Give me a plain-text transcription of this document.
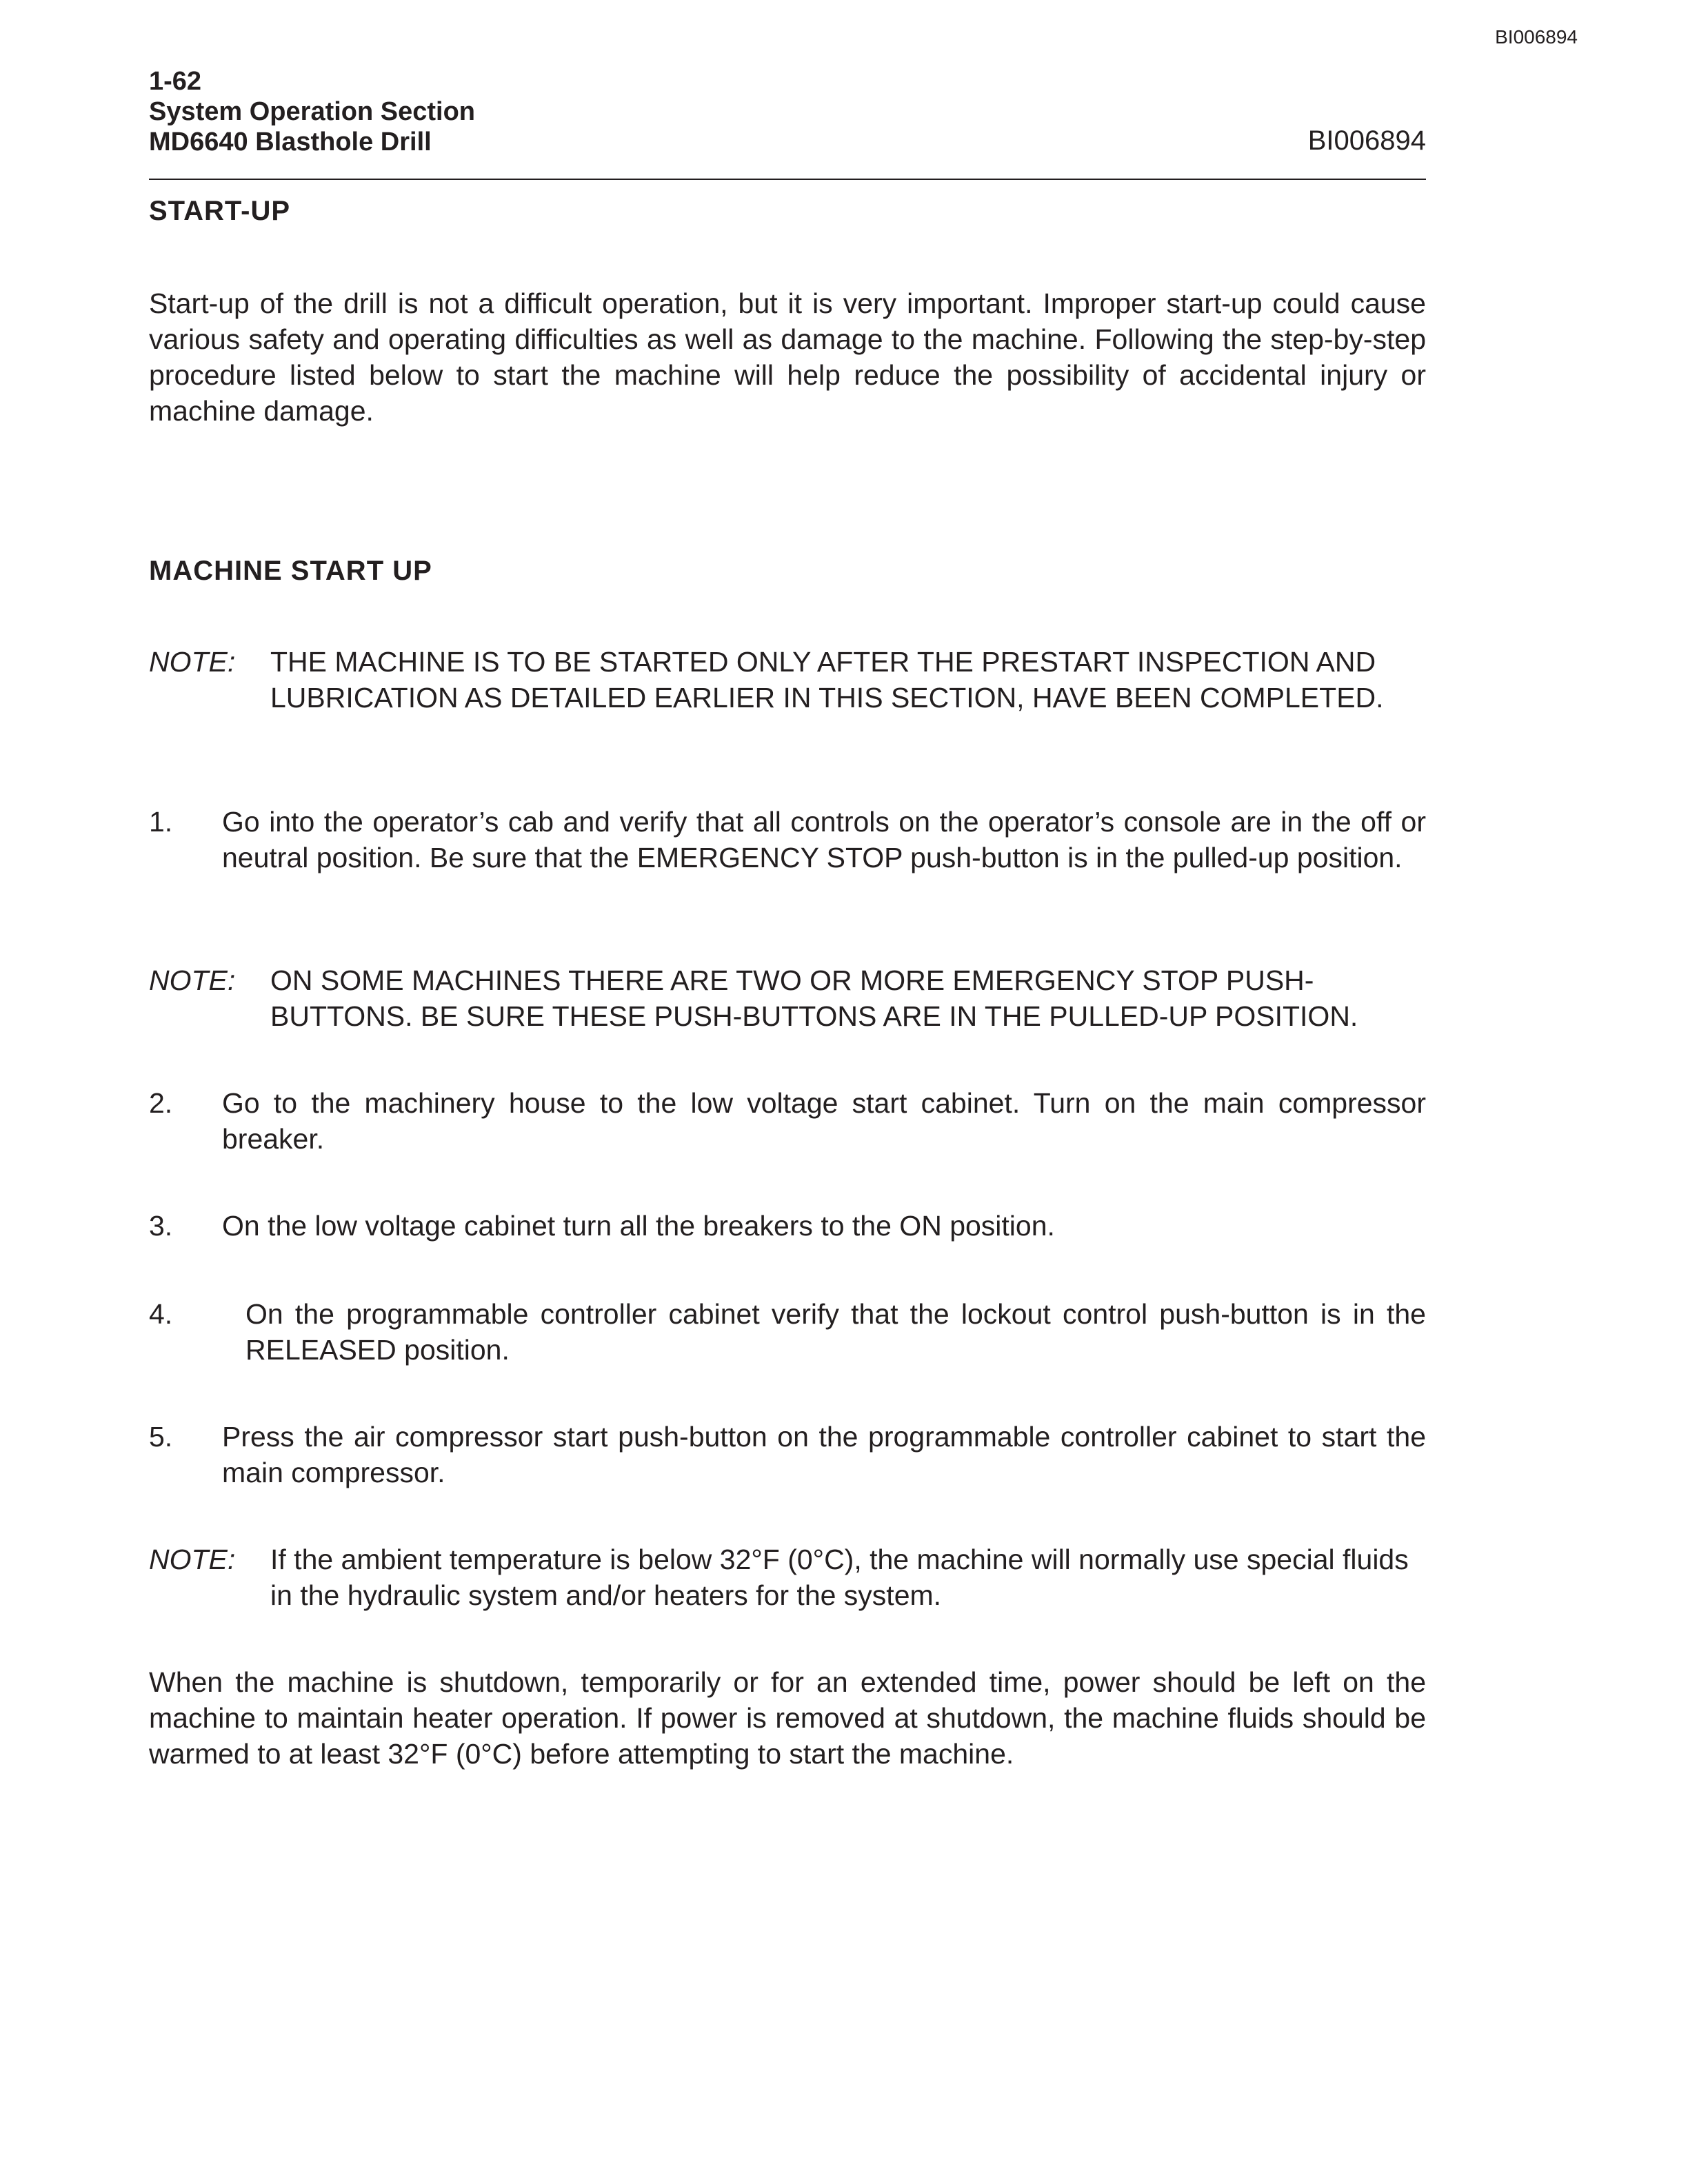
BI006894
1-62
System Operation Section
MD6640 Blasthole Drill	BI006894
START-UP
Start-up of the drill is not a difficult operation, but it is very important. Improper start-up could cause various safety and operating difficulties as well as damage to the machine. Following the step-by-step procedure listed below to start the machine will help reduce the possibility of accidental injury or machine damage.
MACHINE START UP
NOTE: THE MACHINE IS TO BE STARTED ONLY AFTER THE PRESTART INSPECTION AND LUBRICATION AS DETAILED EARLIER IN THIS SECTION, HAVE BEEN COMPLETED.
1. Go into the operator’s cab and verify that all controls on the operator’s console are in the off or neutral position. Be sure that the EMERGENCY STOP push-button is in the pulled-up position.
NOTE: ON SOME MACHINES THERE ARE TWO OR MORE EMERGENCY STOP PUSH-BUTTONS. BE SURE THESE PUSH-BUTTONS ARE IN THE PULLED-UP POSITION.
2. Go to the machinery house to the low voltage start cabinet. Turn on the main compressor breaker.
3. On the low voltage cabinet turn all the breakers to the ON position.
4.	On the programmable controller cabinet verify that the lockout control push-button is in the RELEASED position.
5. Press the air compressor start push-button on the programmable controller cabinet to start the main compressor.
NOTE: If the ambient temperature is below 32°F (0°C), the machine will normally use special fluids in the hydraulic system and/or heaters for the system.
When the machine is shutdown, temporarily or for an extended time, power should be left on the machine to maintain heater operation. If power is removed at shutdown, the machine fluids should be warmed to at least 32°F (0°C) before attempting to start the machine.
